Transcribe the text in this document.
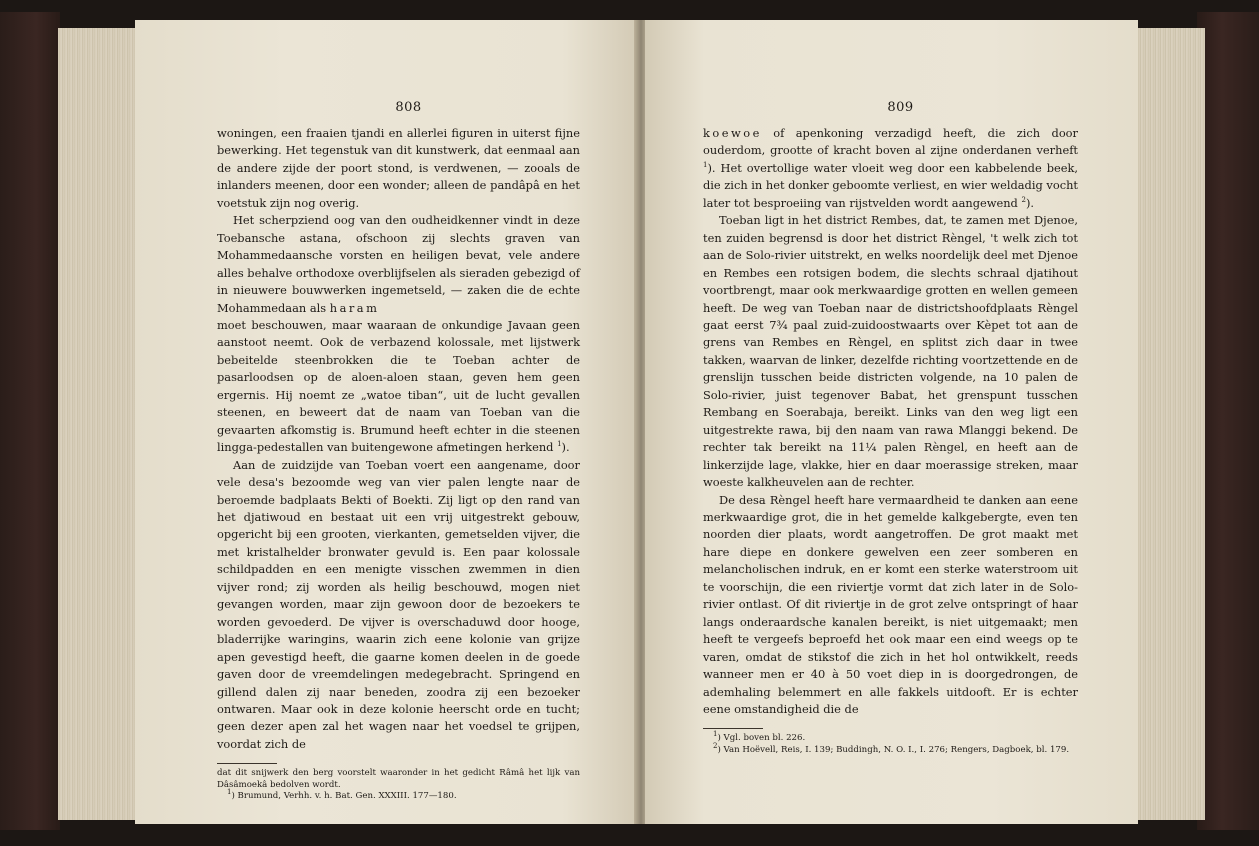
808

woningen, een fraaien tjandi en allerlei figuren in uiterst fijne bewerking. Het tegenstuk van dit kunstwerk, dat eenmaal aan de andere zijde der poort stond, is verdwenen, — zooals de inlanders meenen, door een wonder; alleen de pandâpâ en het voetstuk zijn nog overig.

Het scherpziend oog van den oudheidkenner vindt in deze Toebansche astana, ofschoon zij slechts graven van Mohammedaansche vorsten en heiligen bevat, vele andere alles behalve orthodoxe overblijfselen als sieraden gebezigd of in nieuwere bouwwerken ingemetseld, — zaken die de echte Mohammedaan als haram

moet beschouwen, maar waaraan de onkundige Javaan geen aanstoot neemt. Ook de verbazend kolossale, met lijstwerk bebeitelde steenbrokken die te Toeban achter de pasarloodsen op de aloen-aloen staan, geven hem geen ergernis. Hij noemt ze „watoe tiban“, uit de lucht gevallen steenen, en beweert dat de naam van Toeban van die gevaarten afkomstig is. Brumund heeft echter in die steenen lingga-pedestallen van buitengewone afmetingen herkend $^1$).

Aan de zuidzijde van Toeban voert een aangename, door vele desa's bezoomde weg van vier palen lengte naar de beroemde badplaats Bekti of Boekti. Zij ligt op den rand van het djatiwoud en bestaat uit een vrij uitgestrekt gebouw, opgericht bij een grooten, vierkanten, gemetselden vijver, die met kristalhelder bronwater gevuld is. Een paar kolossale schildpadden en een menigte visschen zwemmen in dien vijver rond; zij worden als heilig beschouwd, mogen niet gevangen worden, maar zijn gewoon door de bezoekers te worden gevoederd. De vijver is overschaduwd door hooge, bladerrijke waringins, waarin zich eene kolonie van grijze apen gevestigd heeft, die gaarne komen deelen in de goede gaven door de vreemdelingen medegebracht. Springend en gillend dalen zij naar beneden, zoodra zij een bezoeker ontwaren. Maar ook in deze kolonie heerscht orde en tucht; geen dezer apen zal het wagen naar het voedsel te grijpen, voordat zich de

dat dit snijwerk den berg voorstelt waaronder in het gedicht Râmâ het lijk van Dâsâmoekâ bedolven wordt.

$^1$) Brumund, Verhh. v. h. Bat. Gen. XXXIII. 177—180.

809

koewoe of apenkoning verzadigd heeft, die zich door ouderdom, grootte of kracht boven al zijne onderdanen verheft $^1$). Het overtollige water vloeit weg door een kabbelende beek, die zich in het donker geboomte verliest, en wier weldadig vocht later tot besproeiing van rijstvelden wordt aangewend $^2$).

Toeban ligt in het district Rembes, dat, te zamen met Djenoe, ten zuiden begrensd is door het district Rèngel, 't welk zich tot aan de Solo-rivier uitstrekt, en welks noordelijk deel met Djenoe en Rembes een rotsigen bodem, die slechts schraal djatihout voortbrengt, maar ook merkwaardige grotten en wellen gemeen heeft. De weg van Toeban naar de districtshoofdplaats Rèngel gaat eerst 7¾ paal zuid-zuidoostwaarts over Kèpet tot aan de grens van Rembes en Rèngel, en splitst zich daar in twee takken, waarvan de linker, dezelfde richting voortzettende en de grenslijn tusschen beide districten volgende, na 10 palen de Solo-rivier, juist tegenover Babat, het grenspunt tusschen Rembang en Soerabaja, bereikt. Links van den weg ligt een uitgestrekte rawa, bij den naam van rawa Mlanggi bekend. De rechter tak bereikt na 11¼ palen Rèngel, en heeft aan de linkerzijde lage, vlakke, hier en daar moerassige streken, maar woeste kalkheuvelen aan de rechter.

De desa Rèngel heeft hare vermaardheid te danken aan eene merkwaardige grot, die in het gemelde kalkgebergte, even ten noorden dier plaats, wordt aangetroffen. De grot maakt met hare diepe en donkere gewelven een zeer somberen en melancholischen indruk, en er komt een sterke waterstroom uit te voorschijn, die een riviertje vormt dat zich later in de Solo-rivier ontlast. Of dit riviertje in de grot zelve ontspringt of haar langs onderaardsche kanalen bereikt, is niet uitgemaakt; men heeft te vergeefs beproefd het ook maar een eind weegs op te varen, omdat de stikstof die zich in het hol ontwikkelt, reeds wanneer men er 40 à 50 voet diep in is doorgedrongen, de ademhaling belemmert en alle fakkels uitdooft. Er is echter eene omstandigheid die de

$^1$) Vgl. boven bl. 226.

$^2$) Van Hoëvell, Reis, I. 139; Buddingh, N. O. I., I. 276; Rengers, Dagboek, bl. 179.
